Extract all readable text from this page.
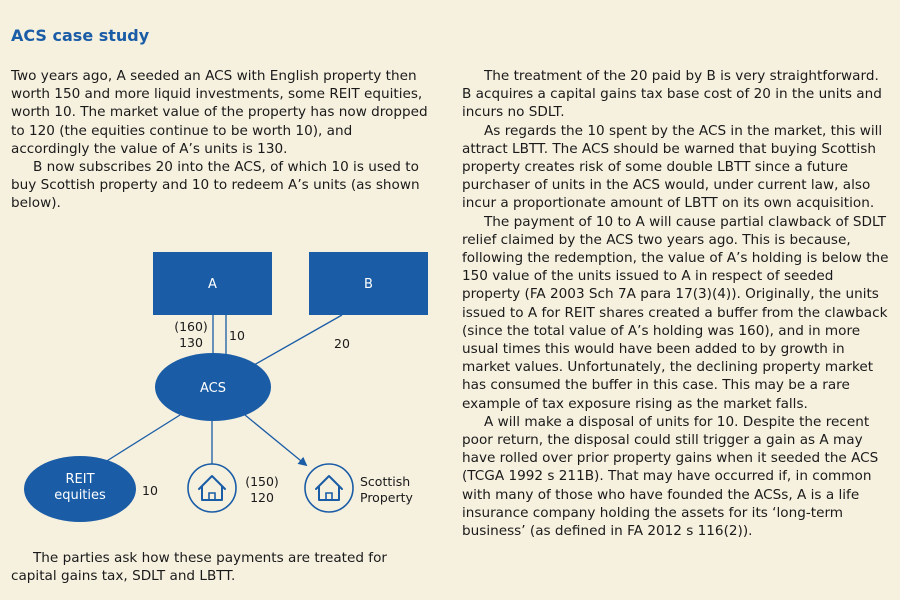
ACS case study

Two years ago, A seeded an ACS with English property then worth 150 and more liquid investments, some REIT equities, worth 10. The market value of the property has now dropped to 120 (the equities continue to be worth 10), and accordingly the value of A’s units is 130.

B now subscribes 20 into the ACS, of which 10 is used to buy Scottish property and 10 to redeem A’s units (as shown below).

A	B
ACS
(160)
130 10
20
REIT
equities	10
(150)
120
Scottish
Property

The parties ask how these payments are treated for capital gains tax, SDLT and LBTT.

The treatment of the 20 paid by B is very straightforward. B acquires a capital gains tax base cost of 20 in the units and incurs no SDLT.

As regards the 10 spent by the ACS in the market, this will attract LBTT. The ACS should be warned that buying Scottish property creates risk of some double LBTT since a future purchaser of units in the ACS would, under current law, also incur a proportionate amount of LBTT on its own acquisition.

The payment of 10 to A will cause partial clawback of SDLT relief claimed by the ACS two years ago. This is because, following the redemption, the value of A’s holding is below the 150 value of the units issued to A in respect of seeded property (FA 2003 Sch 7A para 17(3)(4)). Originally, the units issued to A for REIT shares created a buffer from the clawback (since the total value of A’s holding was 160), and in more usual times this would have been added to by growth in market values. Unfortunately, the declining property market has consumed the buffer in this case. This may be a rare example of tax exposure rising as the market falls.

A will make a disposal of units for 10. Despite the recent poor return, the disposal could still trigger a gain as A may have rolled over prior property gains when it seeded the ACS (TCGA 1992 s 211B). That may have occurred if, in common with many of those who have founded the ACSs, A is a life insurance company holding the assets for its ‘long-term business’ (as defined in FA 2012 s 116(2)).
